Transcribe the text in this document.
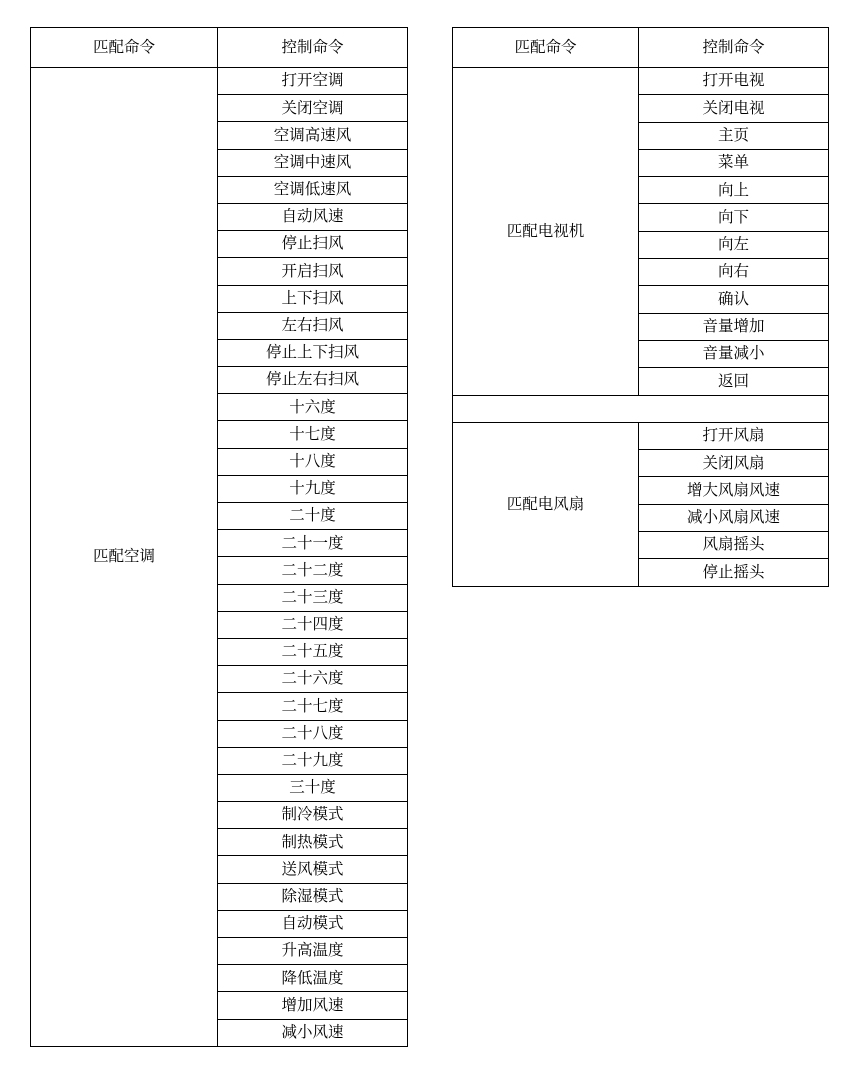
匹配命令	控制命令
匹配空调	打开空调
	关闭空调
	空调高速风
	空调中速风
	空调低速风
	自动风速
	停止扫风
	开启扫风
	上下扫风
	左右扫风
	停止上下扫风
	停止左右扫风
	十六度
	十七度
	十八度
	十九度
	二十度
	二十一度
	二十二度
	二十三度
	二十四度
	二十五度
	二十六度
	二十七度
	二十八度
	二十九度
	三十度
	制冷模式
	制热模式
	送风模式
	除湿模式
	自动模式
	升高温度
	降低温度
	增加风速
	减小风速
匹配命令	控制命令
匹配电视机	打开电视
	关闭电视
	主页
	菜单
	向上
	向下
	向左
	向右
	确认
	音量增加
	音量减小
	返回

匹配电风扇	打开风扇
	关闭风扇
	增大风扇风速
	减小风扇风速
	风扇摇头
	停止摇头
